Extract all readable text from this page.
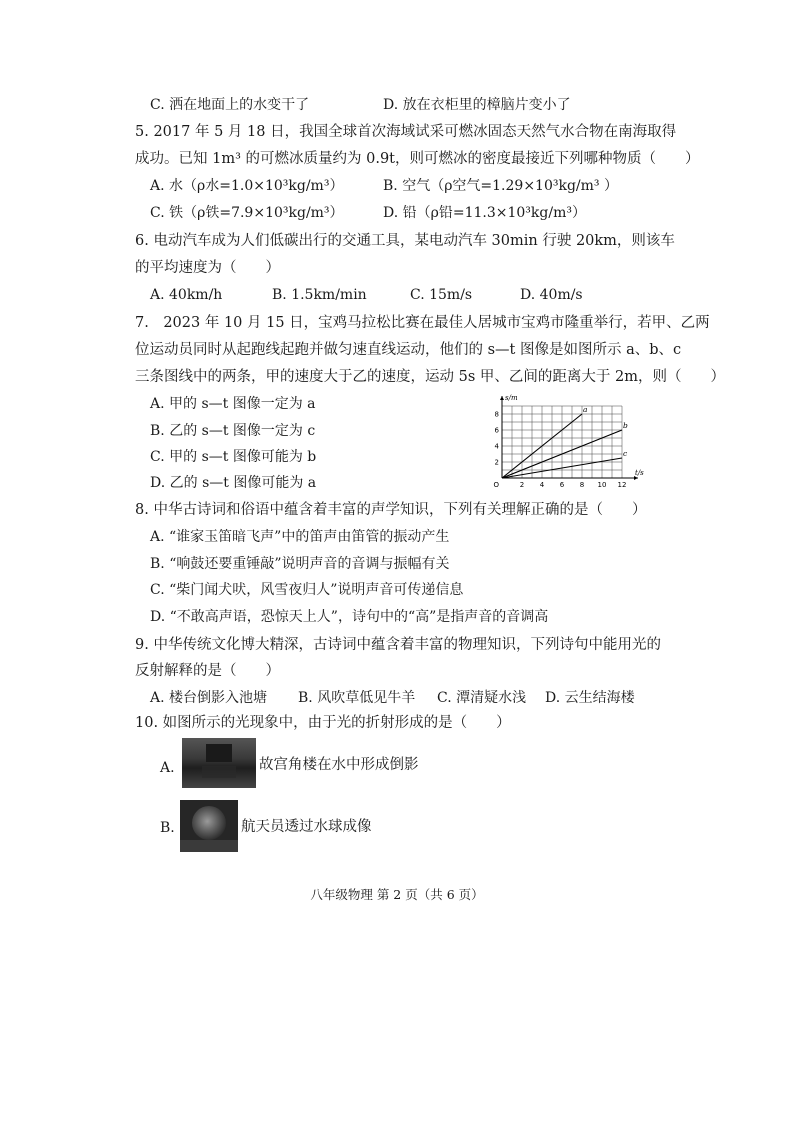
C. 洒在地面上的水变干了	D. 放在衣柜里的樟脑片变小了
5. 2017 年 5 月 18 日，我国全球首次海域试采可燃冰固态天然气水合物在南海取得
成功。已知 1m³ 的可燃冰质量约为 0.9t，则可燃冰的密度最接近下列哪种物质（　　）
A. 水（ρ水=1.0×10³kg/m³）	B. 空气（ρ空气=1.29×10³kg/m³ ）
C. 铁（ρ铁=7.9×10³kg/m³）	D. 铅（ρ铅=11.3×10³kg/m³）
6. 电动汽车成为人们低碳出行的交通工具，某电动汽车 30min 行驶 20km，则该车
的平均速度为（　　）
A. 40km/h	B. 1.5km/min	C. 15m/s	D. 40m/s
7.　2023 年 10 月 15 日，宝鸡马拉松比赛在最佳人居城市宝鸡市隆重举行，若甲、乙两
位运动员同时从起跑线起跑并做匀速直线运动，他们的 s—t 图像是如图所示 a、b、c
三条图线中的两条，甲的速度大于乙的速度，运动 5s 甲、乙间的距离大于 2m，则（　　）
A. 甲的 s—t 图像一定为 a
B. 乙的 s—t 图像一定为 c
C. 甲的 s—t 图像可能为 b
D. 乙的 s—t 图像可能为 a	2 4 6 8 10 12
2
4
6
8
O
t/s
s/m
a
b
c
8. 中华古诗词和俗语中蕴含着丰富的声学知识，下列有关理解正确的是（　　）
A. “谁家玉笛暗飞声”中的笛声由笛管的振动产生
B. “响鼓还要重锤敲”说明声音的音调与振幅有关
C. “柴门闻犬吠，风雪夜归人”说明声音可传递信息
D. “不敢高声语，恐惊天上人”，诗句中的“高”是指声音的音调高
9. 中华传统文化博大精深，古诗词中蕴含着丰富的物理知识，下列诗句中能用光的
反射解释的是（　　）
A. 楼台倒影入池塘 B. 风吹草低见牛羊 C. 潭清疑水浅 D. 云生结海楼
10. 如图所示的光现象中，由于光的折射形成的是（　　）
A.	故宫角楼在水中形成倒影
B.	航天员透过水球成像
八年级物理 第 2 页（共 6 页）
